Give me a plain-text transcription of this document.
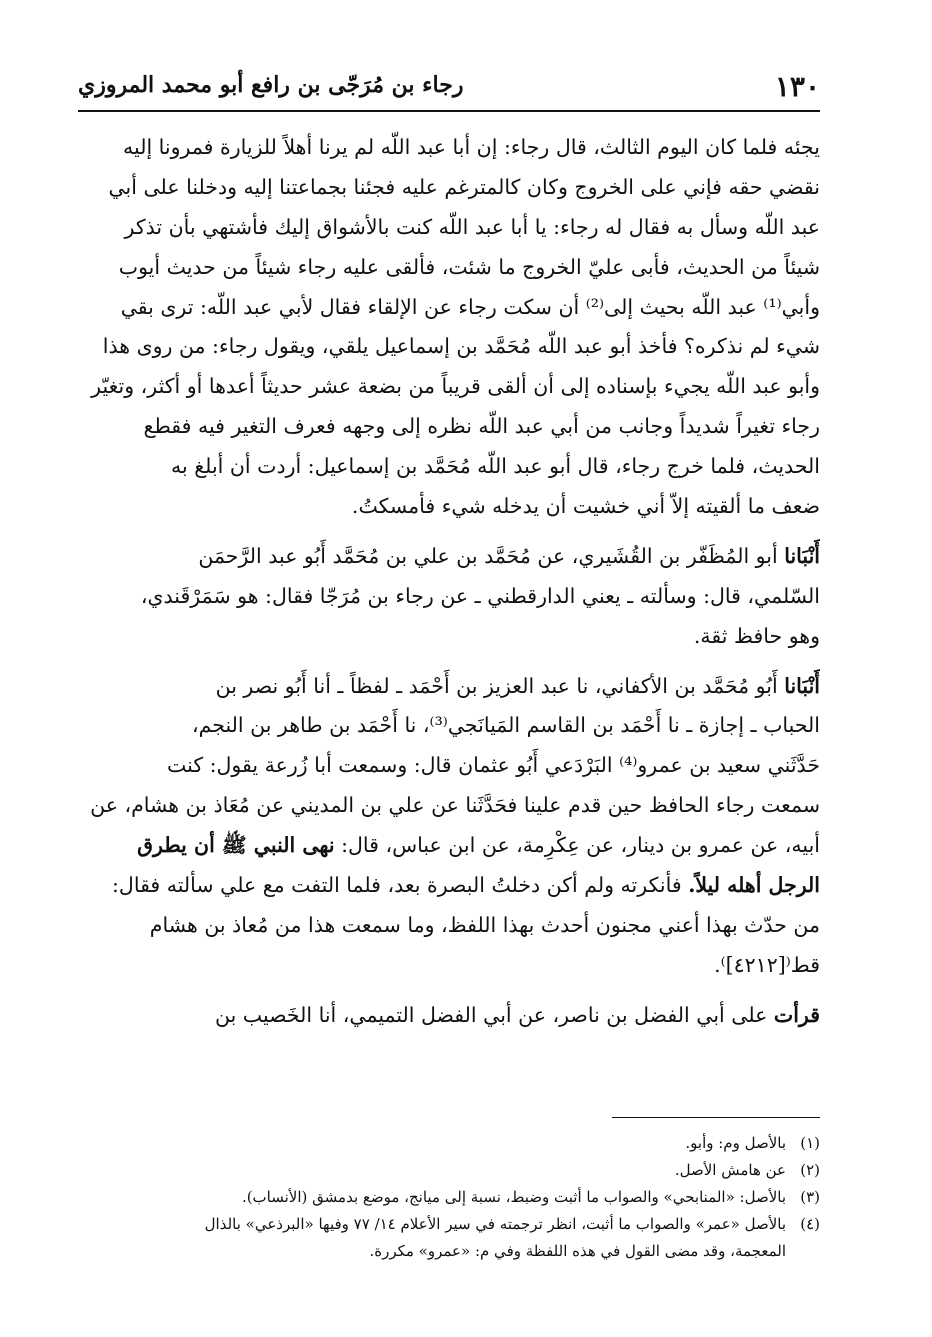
١٣٠
رجاء بن مُرَجّى بن رافع أبو محمد المروزي
يجئه فلما كان اليوم الثالث، قال رجاء: إن أبا عبد اللّه لم يرنا أهلاً للزيارة فمرونا إليه
نقضي حقه فإني على الخروج وكان كالمترغم عليه فجئنا بجماعتنا إليه ودخلنا على أبي
عبد اللّه وسأل به فقال له رجاء: يا أبا عبد اللّه كنت بالأشواق إليك فأشتهي بأن تذكر
شيئاً من الحديث، فأبى عليّ الخروج ما شئت، فألقى عليه رجاء شيئاً من حديث أيوب
وأبي⁽¹⁾ عبد اللّه بحيث إلى⁽²⁾ أن سكت رجاء عن الإلقاء فقال لأبي عبد اللّه: ترى بقي
شيء لم نذكره؟ فأخذ أبو عبد اللّه مُحَمَّد بن إسماعيل يلقي، ويقول رجاء: من روى هذا
وأبو عبد اللّه يجيء بإسناده إلى أن ألقى قريباً من بضعة عشر حديثاً أعدها أو أكثر، وتغيّر
رجاء تغيراً شديداً وجانب من أبي عبد اللّه نظره إلى وجهه فعرف التغير فيه فقطع
الحديث، فلما خرج رجاء، قال أبو عبد اللّه مُحَمَّد بن إسماعيل: أردت أن أبلغ به
ضعف ما ألقيته إلاّ أني خشيت أن يدخله شيء فأمسكتُ.
أَنْبَانا أبو المُظَفّر بن القُشَيري، عن مُحَمَّد بن علي بن مُحَمَّد أَبُو عبد الرَّحمَن
السّلمي، قال: وسألته ـ يعني الدارقطني ـ عن رجاء بن مُرَجّا فقال: هو سَمَرْقَندي،
وهو حافظ ثقة.
أَنْبَانا أَبُو مُحَمَّد بن الأكفاني، نا عبد العزيز بن أَحْمَد ـ لفظاً ـ أنا أَبُو نصر بن
الحباب ـ إجازة ـ نا أَحْمَد بن القاسم المَيانَجي⁽³⁾، نا أَحْمَد بن طاهر بن النجم،
حَدَّثَني سعيد بن عمرو⁽⁴⁾ البَرْدَعي أَبُو عثمان قال: وسمعت أبا زُرعة يقول: كنت
سمعت رجاء الحافظ حين قدم علينا فحَدَّثَنا عن علي بن المديني عن مُعَاذ بن هشام، عن
أبيه، عن عمرو بن دينار، عن عِكْرِمة، عن ابن عباس، قال: نهى النبي ﷺ أن يطرق
الرجل أهله ليلاً. فأنكرته ولم أكن دخلتُ البصرة بعد، فلما التفت مع علي سألته فقال:
من حدّث بهذا أعني مجنون أحدث بهذا اللفظ، وما سمعت هذا من مُعاذ بن هشام
قط⁽[٤٢١٢]⁾.
قرأت على أبي الفضل بن ناصر، عن أبي الفضل التميمي، أنا الخَصيب بن
(١)بالأصل وم: وأبو.
(٢)عن هامش الأصل.
(٣)بالأصل: «المنابحي» والصواب ما أثبت وضبط، نسبة إلى ميانج، موضع بدمشق (الأنساب).
(٤)بالأصل «عمر» والصواب ما أثبت، انظر ترجمته في سير الأعلام ١٤/ ٧٧ وفيها «البرذعي» بالذال
المعجمة، وقد مضى القول في هذه اللفظة وفي م: «عمرو» مكررة.
